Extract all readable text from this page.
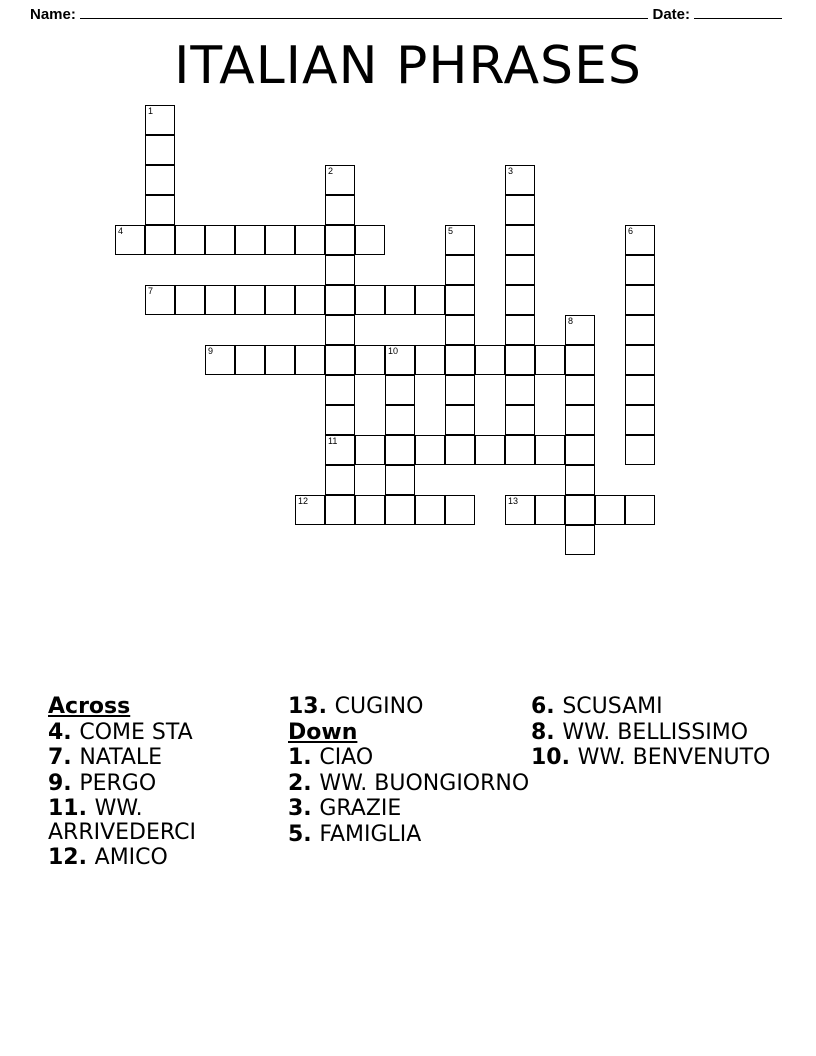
Name:	Date:
ITALIAN PHRASES
1
2	3
4	5	6
7
8
9	10
11
12	13
Across
4. COME STA
7. NATALE
9. PERGO
11. WW. ARRIVEDERCI
12. AMICO
13. CUGINO
Down
1. CIAO
2. WW. BUONGIORNO
3. GRAZIE
5. FAMIGLIA
6. SCUSAMI
8. WW. BELLISSIMO
10. WW. BENVENUTO
